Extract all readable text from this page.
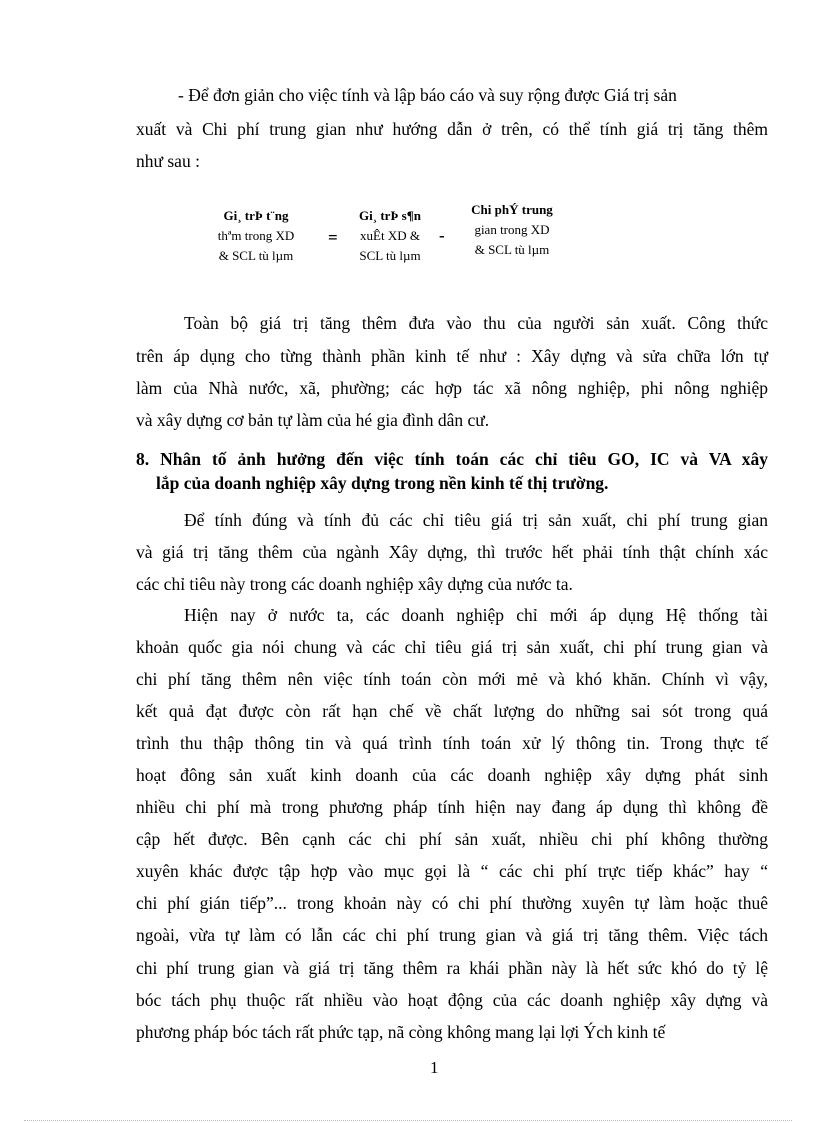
- Để đơn giản cho việc tính và lập báo cáo và suy rộng được Giá trị sản
xuất và Chi phí trung gian như hướng dẫn ở trên, có thể tính giá trị tăng thêm
như sau :
Gi¸ trÞ t¨ng
thªm trong XD
& SCL tù lµm
=
Gi¸ trÞ s¶n
xuÊt XD &
SCL tù lµm
-
Chi phÝ trung
gian trong XD
& SCL tù lµm
Toàn bộ giá trị tăng thêm đưa vào thu của người sản xuất. Công thức
trên áp dụng cho từng thành phần kinh tế như : Xây dựng và sửa chữa lớn tự
làm của Nhà nước, xã, phường; các hợp tác xã nông nghiệp, phi nông nghiệp
và xây dựng cơ bản tự làm của hé gia đình dân cư.
8. Nhân tố ảnh hưởng đến việc tính toán các chỉ tiêu GO, IC và VA xây
lắp của doanh nghiệp xây dựng trong nền kinh tế thị trường.
Để tính đúng và tính đủ các chỉ tiêu giá trị sản xuất, chi phí trung gian
và giá trị tăng thêm của ngành Xây dựng, thì trước hết phải tính thật chính xác
các chỉ tiêu này trong các doanh nghiệp xây dựng của nước ta.
Hiện nay ở nước ta, các doanh nghiệp chỉ mới áp dụng Hệ thống tài
khoản quốc gia nói chung và các chỉ tiêu giá trị sản xuất, chi phí trung gian và
chi phí tăng thêm nên việc tính toán còn mới mẻ và khó khăn. Chính vì vậy,
kết quả đạt được còn rất hạn chế về chất lượng do những sai sót trong quá
trình thu thập thông tin và quá trình tính toán xử lý thông tin. Trong thực tế
hoạt đông sản xuất kinh doanh của các doanh nghiệp xây dựng phát sinh
nhiều chi phí mà trong phương pháp tính hiện nay đang áp dụng thì không đề
cập hết được. Bên cạnh các chi phí sản xuất, nhiều chi phí không thường
xuyên khác được tập hợp vào mục gọi là “ các chi phí trực tiếp khác” hay “
chi phí gián tiếp”... trong khoản này có chi phí thường xuyên tự làm hoặc thuê
ngoài, vừa tự làm có lẫn các chi phí trung gian và giá trị tăng thêm. Việc tách
chi phí trung gian và giá trị tăng thêm ra khái phần này là hết sức khó do tỷ lệ
bóc tách phụ thuộc rất nhiều vào hoạt động của các doanh nghiệp xây dựng và
phương pháp bóc tách rất phức tạp, nã còng không mang lại lợi Ých kinh tế
1
